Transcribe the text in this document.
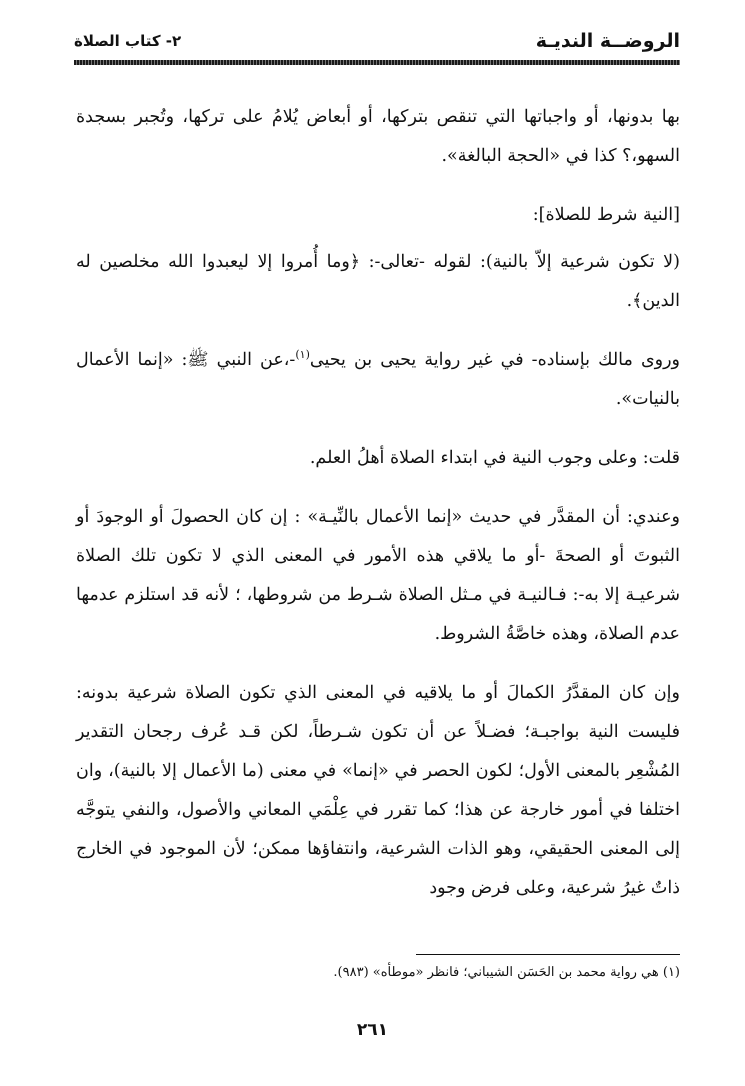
الروضــة النديـة
٢- كتاب الصلاة

بها بدونها، أو واجباتها التي تنقص بتركها، أو أبعاض يُلامُ على تركها، وتُجبر بسجدة السهو،؟ كذا في «الحجة البالغة».

[النية شرط للصلاة]:

(لا تكون شرعية إلاّ بالنية): لقوله -تعالى-: ﴿وما أُمروا إلا ليعبدوا الله مخلصين له الدين﴾.

وروى مالك بإسناده- في غير رواية يحيى بن يحيى$^{(١)}$-،عن النبي ﷺ: «إنما الأعمال بالنيات».

قلت: وعلى وجوب النية في ابتداء الصلاة أهلُ العلم.

وعندي: أن المقدَّر في حديث «إنما الأعمال بالنِّيـة» : إن كان الحصولَ أو الوجودَ أو الثبوتَ أو الصحةَ -أو ما يلاقي هذه الأمور في المعنى الذي لا تكون تلك الصلاة شرعيـة إلا به-: فـالنيـة في مـثل الصلاة شـرط من شروطها، ؛ لأنه قد استلزم عدمها عدم الصلاة، وهذه خاصَّةُ الشروط.

وإن كان المقدَّرُ الكمالَ أو ما يلاقيه في المعنى الذي تكون الصلاة شرعية بدونه: فليست النية بواجبـة؛ فضـلاً عن أن تكون شـرطاً، لكن قـد عُرف رجحان التقدير المُشْعِر بالمعنى الأول؛ لكون الحصر في «إنما» في معنى (ما الأعمال إلا بالنية)، وان اختلفا في أمور خارجة عن هذا؛ كما تقرر في عِلْمَي المعاني والأصول، والنفي يتوجَّه إلى المعنى الحقيقي، وهو الذات الشرعية، وانتفاؤها ممكن؛ لأن الموجود في الخارج ذاتٌ غيرُ شرعية، وعلى فرض وجود

(١) هي رواية محمد بن الحَسَن الشيباني؛ فانظر «موطأه» (٩٨٣).
٢٦١
